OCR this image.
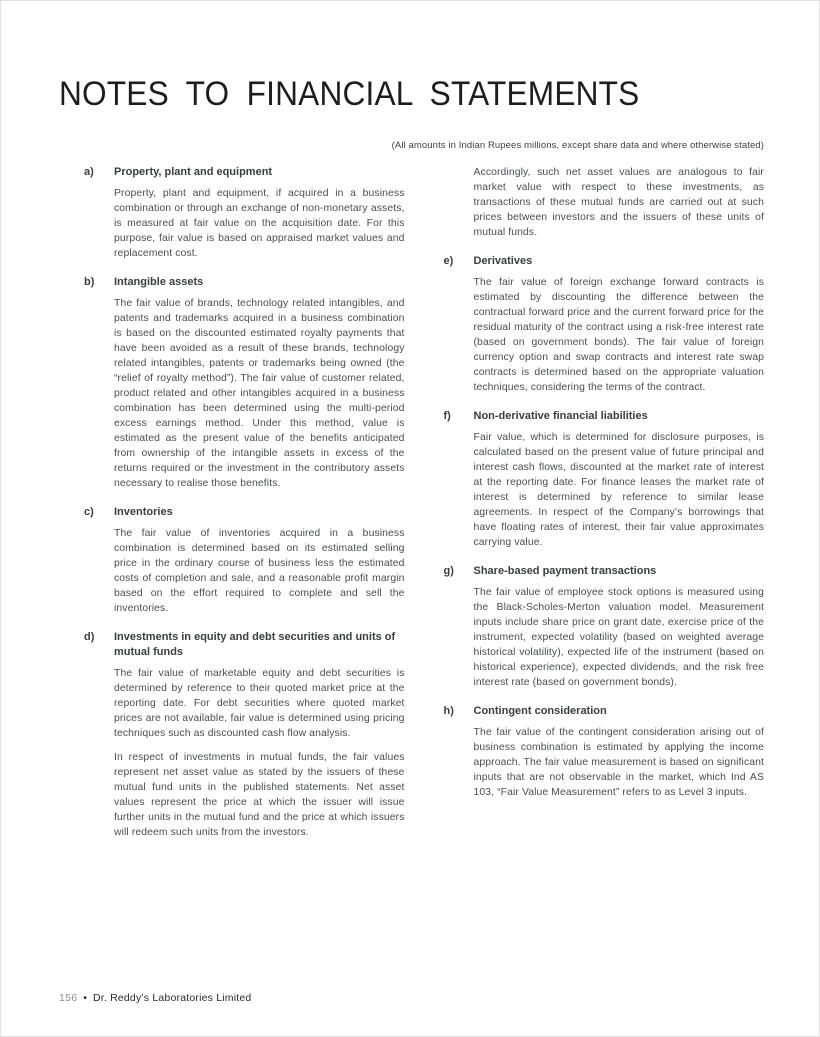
NOTES TO FINANCIAL STATEMENTS
(All amounts in Indian Rupees millions, except share data and where otherwise stated)
a)	Property, plant and equipment

Property, plant and equipment, if acquired in a business combination or through an exchange of non-monetary assets, is measured at fair value on the acquisition date. For this purpose, fair value is based on appraised market values and replacement cost.

b)	Intangible assets

The fair value of brands, technology related intangibles, and patents and trademarks acquired in a business combination is based on the discounted estimated royalty payments that have been avoided as a result of these brands, technology related intangibles, patents or trademarks being owned (the “relief of royalty method”). The fair value of customer related, product related and other intangibles acquired in a business combination has been determined using the multi-period excess earnings method. Under this method, value is estimated as the present value of the benefits anticipated from ownership of the intangible assets in excess of the returns required or the investment in the contributory assets necessary to realise those benefits.

c)	Inventories

The fair value of inventories acquired in a business combination is determined based on its estimated selling price in the ordinary course of business less the estimated costs of completion and sale, and a reasonable profit margin based on the effort required to complete and sell the inventories.

d)	Investments in equity and debt securities and units of mutual funds

The fair value of marketable equity and debt securities is determined by reference to their quoted market price at the reporting date. For debt securities where quoted market prices are not available, fair value is determined using pricing techniques such as discounted cash flow analysis.

In respect of investments in mutual funds, the fair values represent net asset value as stated by the issuers of these mutual fund units in the published statements. Net asset values represent the price at which the issuer will issue further units in the mutual fund and the price at which issuers will redeem such units from the investors.

Accordingly, such net asset values are analogous to fair market value with respect to these investments, as transactions of these mutual funds are carried out at such prices between investors and the issuers of these units of mutual funds.

e)	Derivatives

The fair value of foreign exchange forward contracts is estimated by discounting the difference between the contractual forward price and the current forward price for the residual maturity of the contract using a risk-free interest rate (based on government bonds). The fair value of foreign currency option and swap contracts and interest rate swap contracts is determined based on the appropriate valuation techniques, considering the terms of the contract.

f)	Non-derivative financial liabilities

Fair value, which is determined for disclosure purposes, is calculated based on the present value of future principal and interest cash flows, discounted at the market rate of interest at the reporting date. For finance leases the market rate of interest is determined by reference to similar lease agreements. In respect of the Company’s borrowings that have floating rates of interest, their fair value approximates carrying value.

g)	Share-based payment transactions

The fair value of employee stock options is measured using the Black-Scholes-Merton valuation model. Measurement inputs include share price on grant date, exercise price of the instrument, expected volatility (based on weighted average historical volatility), expected life of the instrument (based on historical experience), expected dividends, and the risk free interest rate (based on government bonds).

h)	Contingent consideration

The fair value of the contingent consideration arising out of business combination is estimated by applying the income approach. The fair value measurement is based on significant inputs that are not observable in the market, which Ind AS 103, “Fair Value Measurement” refers to as Level 3 inputs.

156 • Dr. Reddy’s Laboratories Limited
